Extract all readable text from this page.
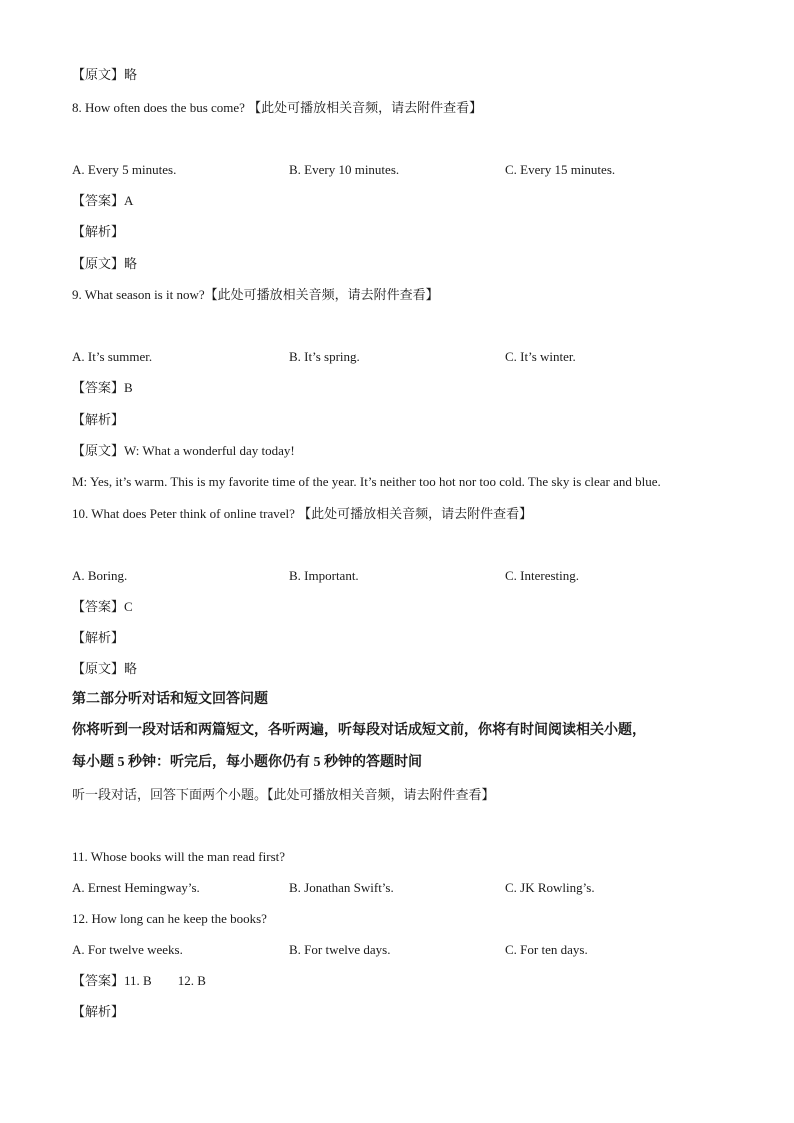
【原文】略
8. How often does the bus come? 【此处可播放相关音频，请去附件查看】
A. Every 5 minutes.	B. Every 10 minutes.	C. Every 15 minutes.
【答案】A
【解析】
【原文】略
9. What season is it now?【此处可播放相关音频，请去附件查看】
A. It’s summer.	B. It’s spring.	C. It’s winter.
【答案】B
【解析】
【原文】W: What a wonderful day today!
M: Yes, it’s warm. This is my favorite time of the year. It’s neither too hot nor too cold. The sky is clear and blue.
10. What does Peter think of online travel? 【此处可播放相关音频，请去附件查看】
A. Boring.	B. Important.	C. Interesting.
【答案】C
【解析】
【原文】略
第二部分听对话和短文回答问题
你将听到一段对话和两篇短文，各听两遍，听每段对话成短文前，你将有时间阅读相关小题，
每小题 5 秒钟：听完后，每小题你仍有 5 秒钟的答题时间
听一段对话，回答下面两个小题。【此处可播放相关音频，请去附件查看】
11. Whose books will the man read first?
A. Ernest Hemingway’s.	B. Jonathan Swift’s.	C. JK Rowling’s.
12. How long can he keep the books?
A. For twelve weeks.	B. For twelve days.	C. For ten days.
【答案】11. B        12. B
【解析】
